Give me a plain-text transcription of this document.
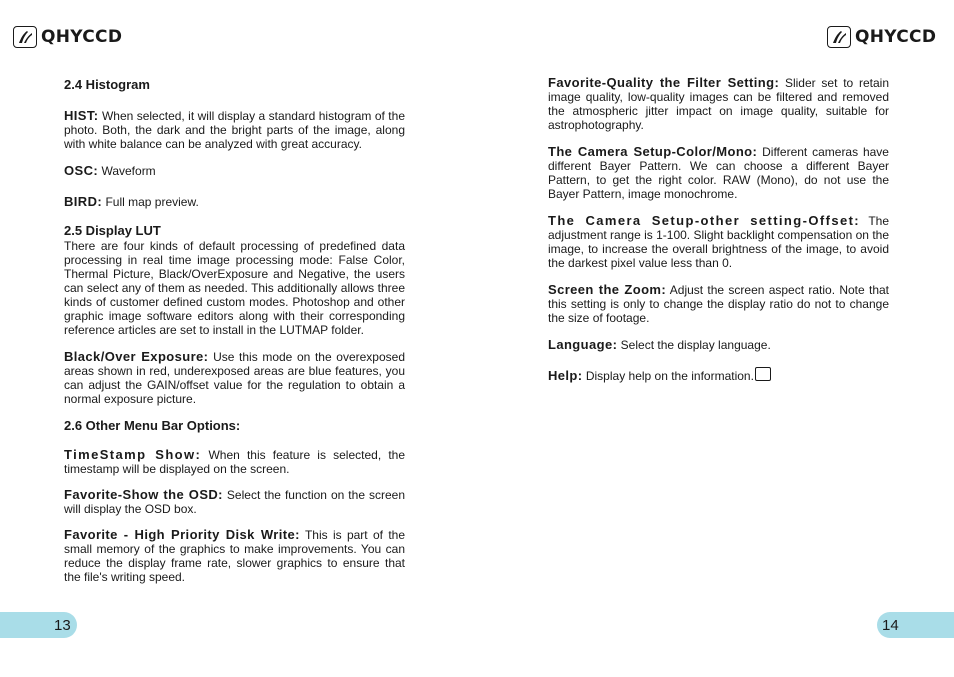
QHYCCD

2.4 Histogram

HIST: When selected, it will display a standard histogram of the photo. Both, the dark and the bright parts of the image, along with white balance can be analyzed with great accuracy.

OSC: Waveform

BIRD: Full map preview.

2.5 Display LUT

There are four kinds of default processing of predefined data processing in real time image processing mode: False Color, Thermal Picture, Black/OverExposure and Negative, the users can select any of them as needed. This additionally allows three kinds of customer defined custom modes. Photoshop and other graphic image software editors along with their corresponding reference articles are set to install in the LUTMAP folder.

Black/Over Exposure: Use this mode on the overexposed areas shown in red, underexposed areas are blue features, you can adjust the GAIN/offset value for the regulation to obtain a normal exposure picture.

2.6 Other Menu Bar Options:

TimeStamp Show: When this feature is selected, the timestamp will be displayed on the screen.

Favorite-Show the OSD: Select the function on the screen will display the OSD box.

Favorite - High Priority Disk Write: This is part of the small memory of the graphics to make improvements. You can reduce the display frame rate, slower graphics to ensure that the file's writing speed.

13
QHYCCD

Favorite-Quality the Filter Setting: Slider set to retain image quality, low-quality images can be filtered and removed the atmospheric jitter impact on image quality, suitable for astrophotography.

The Camera Setup-Color/Mono: Different cameras have different Bayer Pattern. We can choose a different Bayer Pattern, to get the right color. RAW (Mono), do not use the Bayer Pattern, image monochrome.

The Camera Setup-other setting-Offset: The adjustment range is 1-100. Slight backlight compensation on the image, to increase the overall brightness of the image, to avoid the darkest pixel value less than 0.

Screen the Zoom: Adjust the screen aspect ratio. Note that this setting is only to change the display ratio do not to change the size of footage.

Language: Select the display language.

Help: Display help on the information.

14
